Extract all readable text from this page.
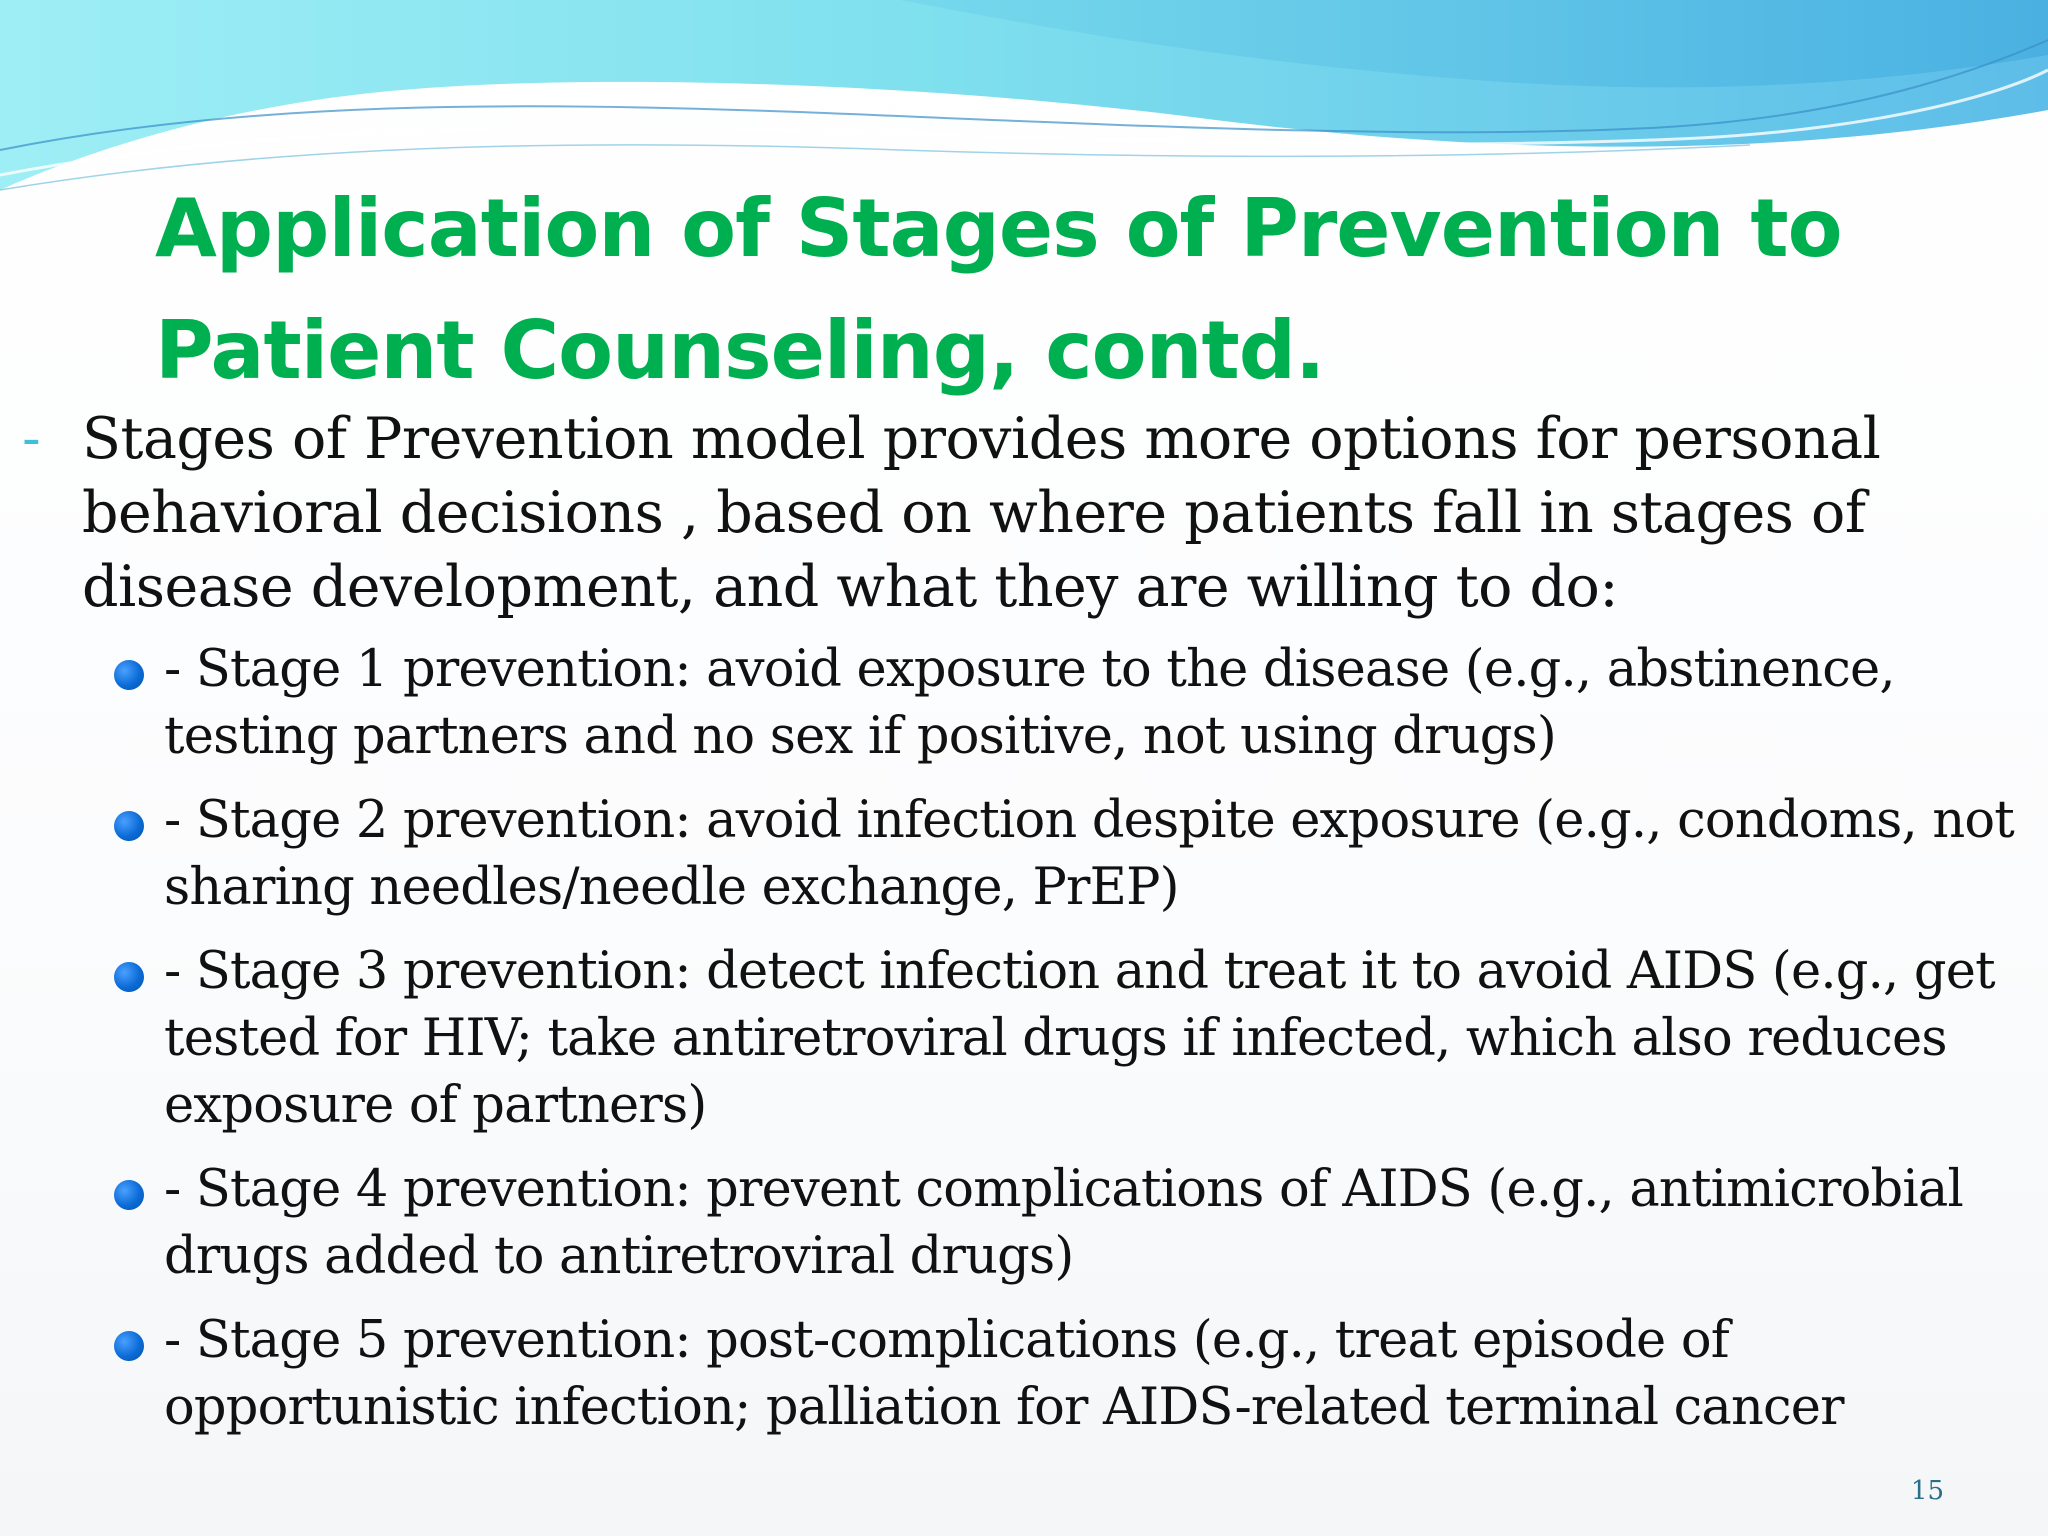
Application of Stages of Prevention to
Patient Counseling, contd.

- Stages of Prevention model provides more options for personal behavioral decisions , based on where patients fall in stages of disease development, and what they are willing to do:

- Stage 1 prevention: avoid exposure to the disease (e.g., abstinence, testing partners and no sex if positive, not using drugs)
- Stage 2 prevention: avoid infection despite exposure (e.g., condoms, not sharing needles/needle exchange, PrEP)
- Stage 3 prevention: detect infection and treat it to avoid AIDS (e.g., get tested for HIV; take antiretroviral drugs if infected, which also reduces exposure of partners)
- Stage 4 prevention: prevent complications of AIDS (e.g., antimicrobial drugs added to antiretroviral drugs)
- Stage 5 prevention: post-complications (e.g., treat episode of opportunistic infection; palliation for AIDS-related terminal cancer
15
